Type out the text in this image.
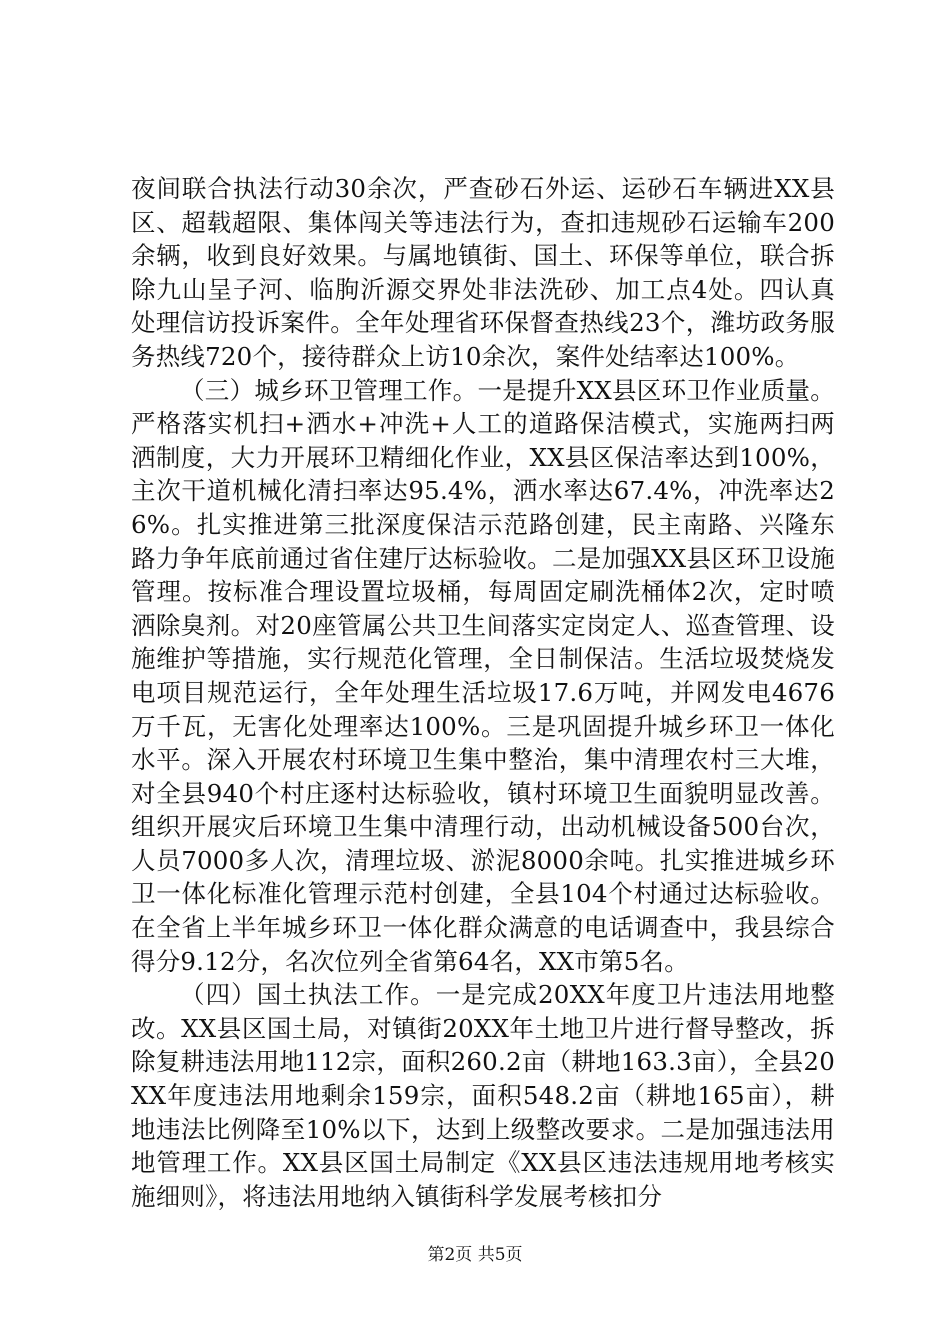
夜间联合执法行动30余次，严查砂石外运、运砂石车辆进XX县区、超载超限、集体闯关等违法行为，查扣违规砂石运输车200余辆，收到良好效果。与属地镇街、国土、环保等单位，联合拆除九山呈子河、临朐沂源交界处非法洗砂、加工点4处。四认真处理信访投诉案件。全年处理省环保督查热线23个，潍坊政务服务热线720个，接待群众上访10余次，案件处结率达100%。

（三）城乡环卫管理工作。一是提升XX县区环卫作业质量。严格落实机扫+洒水+冲洗+人工的道路保洁模式，实施两扫两洒制度，大力开展环卫精细化作业，XX县区保洁率达到100%，主次干道机械化清扫率达95.4%，洒水率达67.4%，冲洗率达26%。扎实推进第三批深度保洁示范路创建，民主南路、兴隆东路力争年底前通过省住建厅达标验收。二是加强XX县区环卫设施管理。按标准合理设置垃圾桶，每周固定刷洗桶体2次，定时喷洒除臭剂。对20座管属公共卫生间落实定岗定人、巡查管理、设施维护等措施，实行规范化管理，全日制保洁。生活垃圾焚烧发电项目规范运行，全年处理生活垃圾17.6万吨，并网发电4676万千瓦，无害化处理率达100%。三是巩固提升城乡环卫一体化水平。深入开展农村环境卫生集中整治，集中清理农村三大堆，对全县940个村庄逐村达标验收，镇村环境卫生面貌明显改善。组织开展灾后环境卫生集中清理行动，出动机械设备500台次，人员7000多人次，清理垃圾、淤泥8000余吨。扎实推进城乡环卫一体化标准化管理示范村创建，全县104个村通过达标验收。在全省上半年城乡环卫一体化群众满意的电话调查中，我县综合得分9.12分，名次位列全省第64名，XX市第5名。

（四）国土执法工作。一是完成20XX年度卫片违法用地整改。XX县区国土局，对镇街20XX年土地卫片进行督导整改，拆除复耕违法用地112宗，面积260.2亩（耕地163.3亩），全县20XX年度违法用地剩余159宗，面积548.2亩（耕地165亩），耕地违法比例降至10%以下，达到上级整改要求。二是加强违法用地管理工作。XX县区国土局制定《XX县区违法违规用地考核实施细则》，将违法用地纳入镇街科学发展考核扣分

第2页 共5页
